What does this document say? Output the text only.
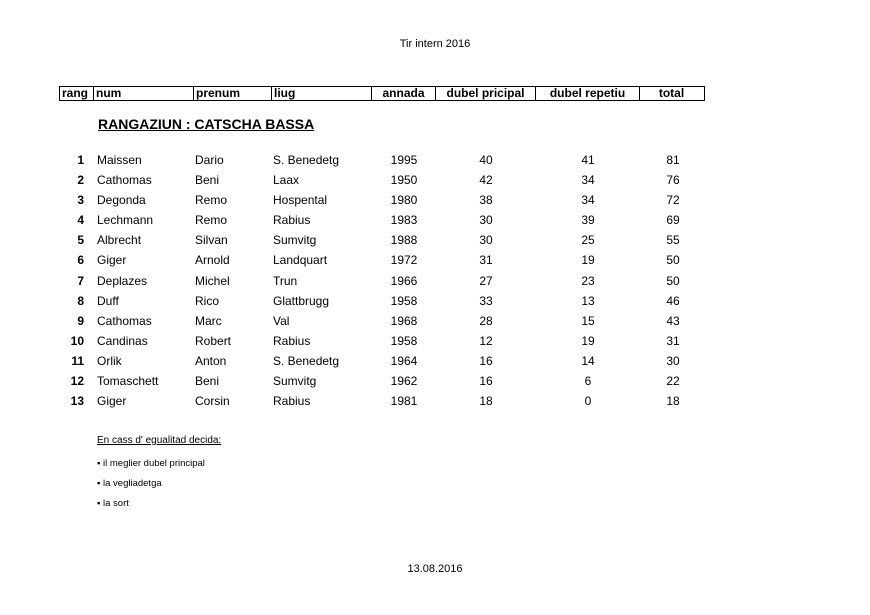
Tir intern 2016
rang num	prenum	liug	annada	dubel pricipal	dubel repetiu	total
RANGAZIUN : CATSCHA BASSA
1 Maissen	Dario	S. Benedetg	1995	40	41	81
2 Cathomas	Beni	Laax	1950	42	34	76
3 Degonda	Remo	Hospental	1980	38	34	72
4 Lechmann	Remo	Rabius	1983	30	39	69
5 Albrecht	Silvan	Sumvitg	1988	30	25	55
6 Giger	Arnold	Landquart	1972	31	19	50
7 Deplazes	Michel	Trun	1966	27	23	50
8 Duff	Rico	Glattbrugg	1958	33	13	46
9 Cathomas	Marc	Val	1968	28	15	43
10 Candinas	Robert	Rabius	1958	12	19	31
11 Orlik	Anton	S. Benedetg	1964	16	14	30
12 Tomaschett	Beni	Sumvitg	1962	16	6	22
13 Giger	Corsin	Rabius	1981	18	0	18
En cass d' egualitad decida:
▪ il meglier dubel principal
▪ la vegliadetga
▪ la sort
13.08.2016
